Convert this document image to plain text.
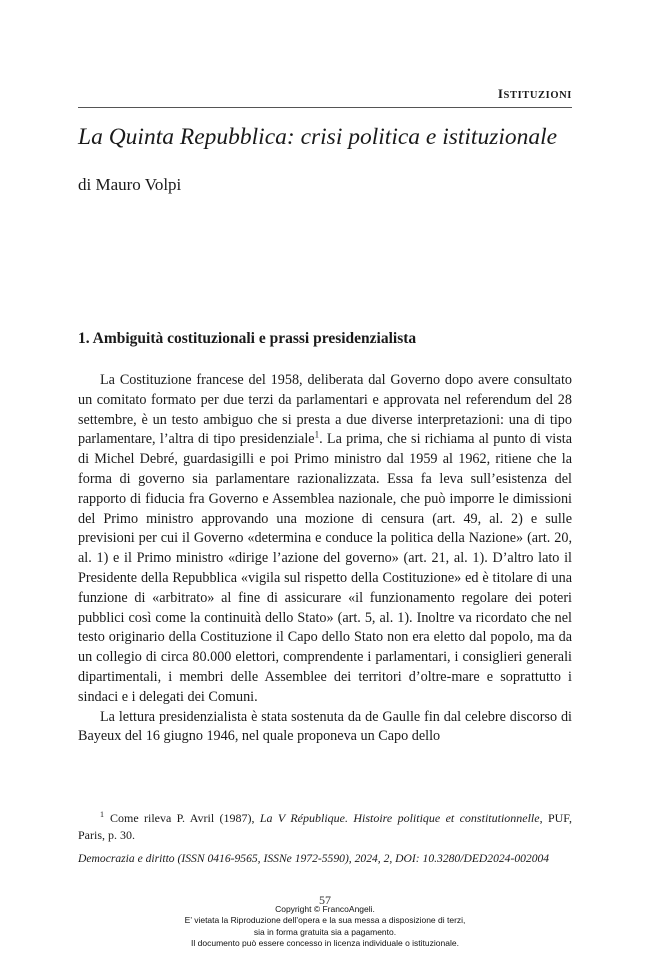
ISTITUZIONI
La Quinta Repubblica: crisi politica e istituzionale
di Mauro Volpi
1. Ambiguità costituzionali e prassi presidenzialista

La Costituzione francese del 1958, deliberata dal Governo dopo avere consultato un comitato formato per due terzi da parlamentari e approvata nel referendum del 28 settembre, è un testo ambiguo che si presta a due diverse interpretazioni: una di tipo parlamentare, l’altra di tipo presidenziale$^1$. La prima, che si richiama al punto di vista di Michel Debré, guardasigilli e poi Primo ministro dal 1959 al 1962, ritiene che la forma di governo sia parlamentare razionalizzata. Essa fa leva sull’esistenza del rapporto di fiducia fra Governo e Assemblea nazionale, che può imporre le dimissioni del Primo ministro approvando una mozione di censura (art. 49, al. 2) e sulle previsioni per cui il Governo «determina e conduce la politica della Nazione» (art. 20, al. 1) e il Primo ministro «dirige l’azione del governo» (art. 21, al. 1). D’altro lato il Presidente della Repubblica «vigila sul rispetto della Costituzione» ed è titolare di una funzione di «arbitrato» al fine di assicurare «il funzionamento regolare dei poteri pubblici così come la continuità dello Stato» (art. 5, al. 1). Inoltre va ricordato che nel testo originario della Costituzione il Capo dello Stato non era eletto dal popolo, ma da un collegio di circa 80.000 elettori, comprendente i parlamentari, i consiglieri generali dipartimentali, i membri delle Assemblee dei territori d’oltre-mare e soprattutto i sindaci e i delegati dei Comuni.

La lettura presidenzialista è stata sostenuta da de Gaulle fin dal celebre discorso di Bayeux del 16 giugno 1946, nel quale proponeva un Capo dello

$^1$ Come rileva P. Avril (1987), La V République. Histoire politique et constitutionnelle, PUF, Paris, p. 30.
Democrazia e diritto (ISSN 0416-9565, ISSNe 1972-5590), 2024, 2, DOI: 10.3280/DED2024-002004
57
Copyright © FrancoAngeli.
E’ vietata la Riproduzione dell’opera e la sua messa a disposizione di terzi,
sia in forma gratuita sia a pagamento.
Il documento può essere concesso in licenza individuale o istituzionale.
